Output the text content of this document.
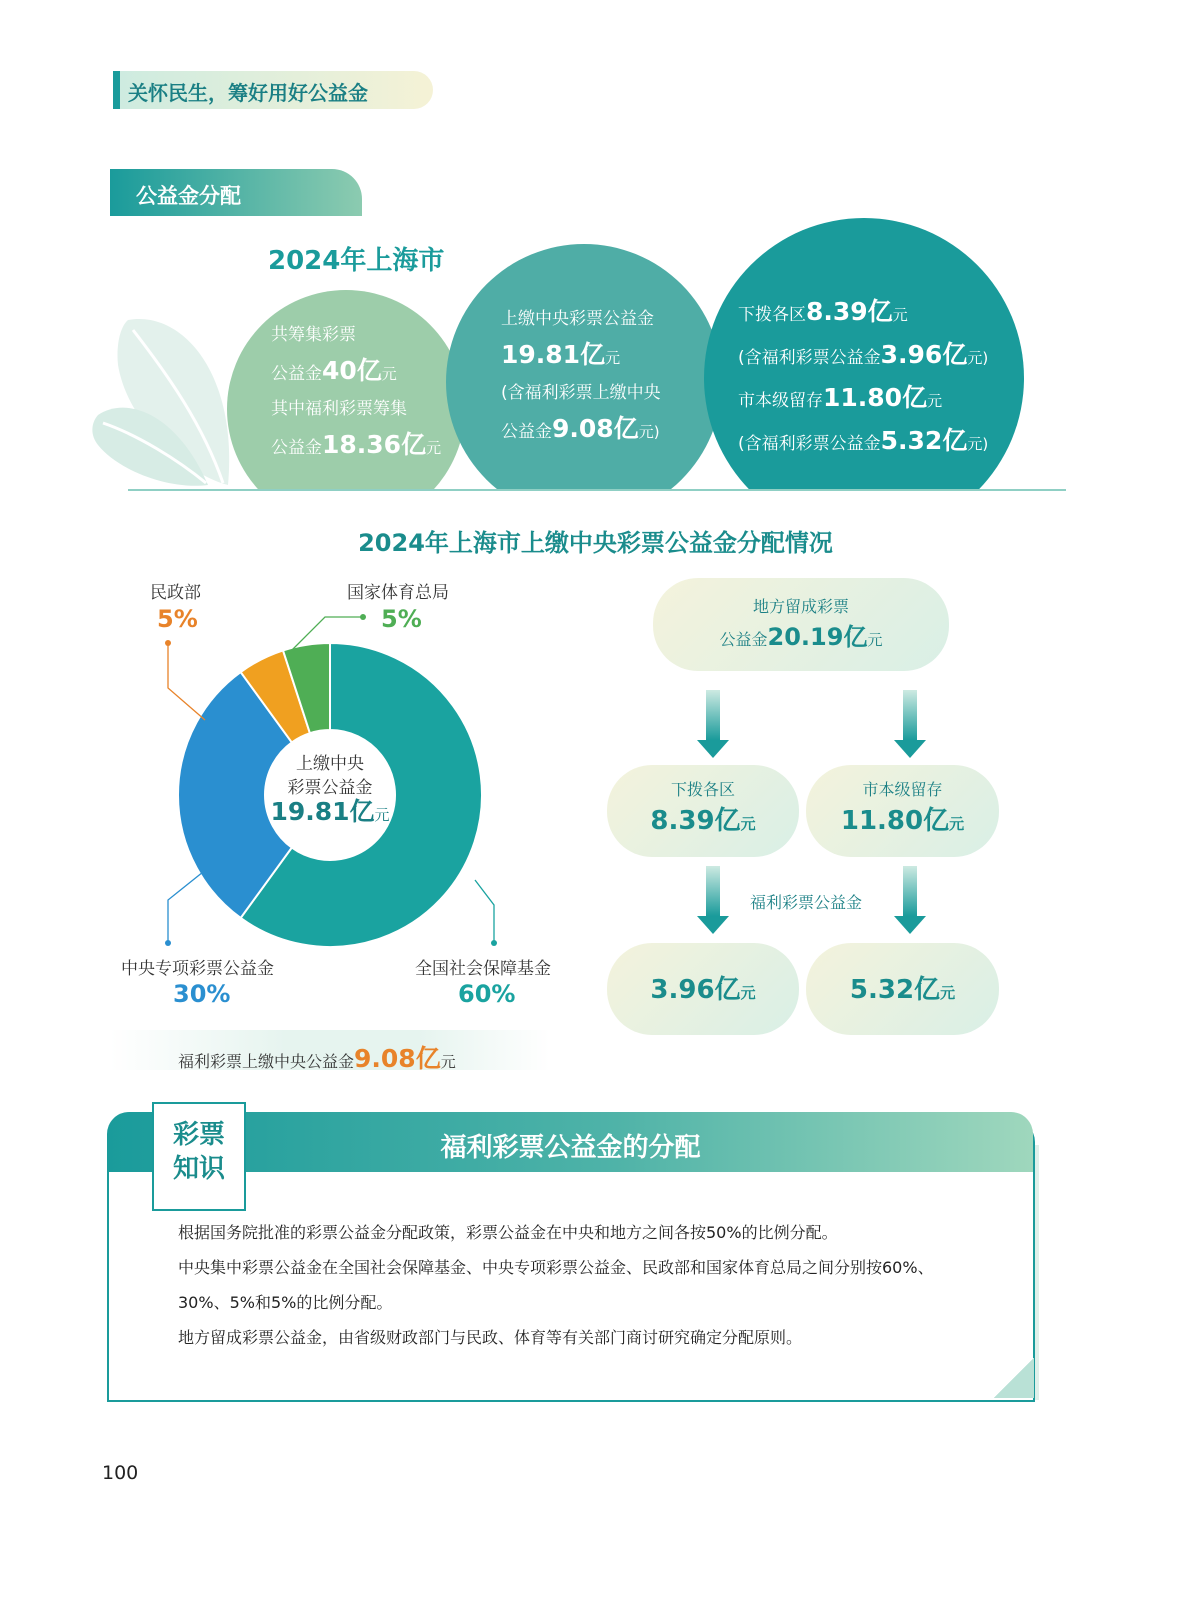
关怀民生，筹好用好公益金
公益金分配
2024年上海市
共筹集彩票
公益金40亿元
其中福利彩票筹集
公益金18.36亿元
上缴中央彩票公益金
19.81亿元
(含福利彩票上缴中央
公益金9.08亿元)
下拨各区8.39亿元
(含福利彩票公益金3.96亿元)
市本级留存11.80亿元
(含福利彩票公益金5.32亿元)
2024年上海市上缴中央彩票公益金分配情况
上缴中央
彩票公益金
19.81亿元
民政部
5%
国家体育总局
5%
中央专项彩票公益金
30%
全国社会保障基金
60%
福利彩票上缴中央公益金9.08亿元
地方留成彩票
公益金20.19亿元
下拨各区
8.39亿元
市本级留存
11.80亿元
福利彩票公益金
3.96亿元	5.32亿元
福利彩票公益金的分配
彩票
知识
根据国务院批准的彩票公益金分配政策，彩票公益金在中央和地方之间各按50%的比例分配。
中央集中彩票公益金在全国社会保障基金、中央专项彩票公益金、民政部和国家体育总局之间分别按60%、
30%、5%和5%的比例分配。
地方留成彩票公益金，由省级财政部门与民政、体育等有关部门商讨研究确定分配原则。
100
